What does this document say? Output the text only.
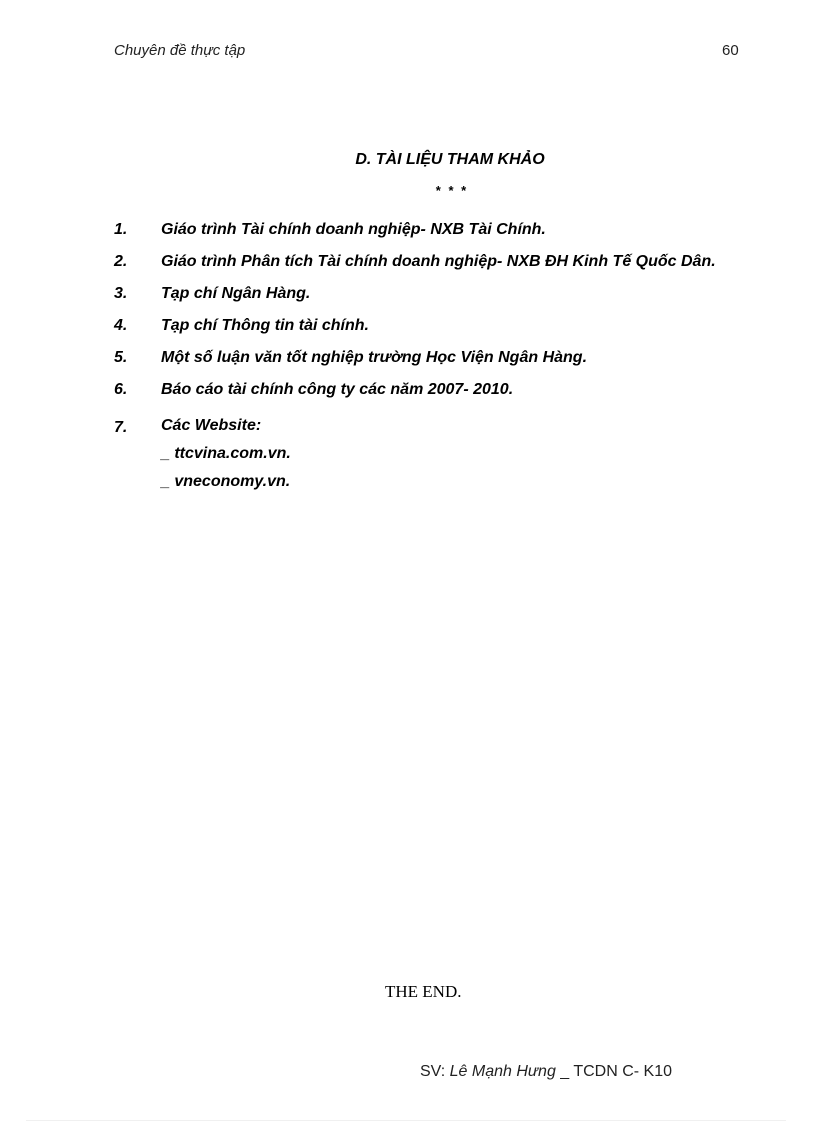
Chuyên đề thực tập	60
D. TÀI LIỆU THAM KHẢO
* * *
1.	Giáo trình Tài chính doanh nghiệp- NXB Tài Chính.
2.	Giáo trình Phân tích Tài chính doanh nghiệp- NXB ĐH Kinh Tế Quốc Dân.
3.	Tạp chí Ngân Hàng.
4.	Tạp chí Thông tin tài chính.
5.	Một số luận văn tốt nghiệp trường Học Viện Ngân Hàng.
6.	Báo cáo tài chính công ty các năm 2007- 2010.
7.	Các Website:
_ ttcvina.com.vn.
_ vneconomy.vn.
THE END.
SV: Lê Mạnh Hưng _ TCDN C- K10
